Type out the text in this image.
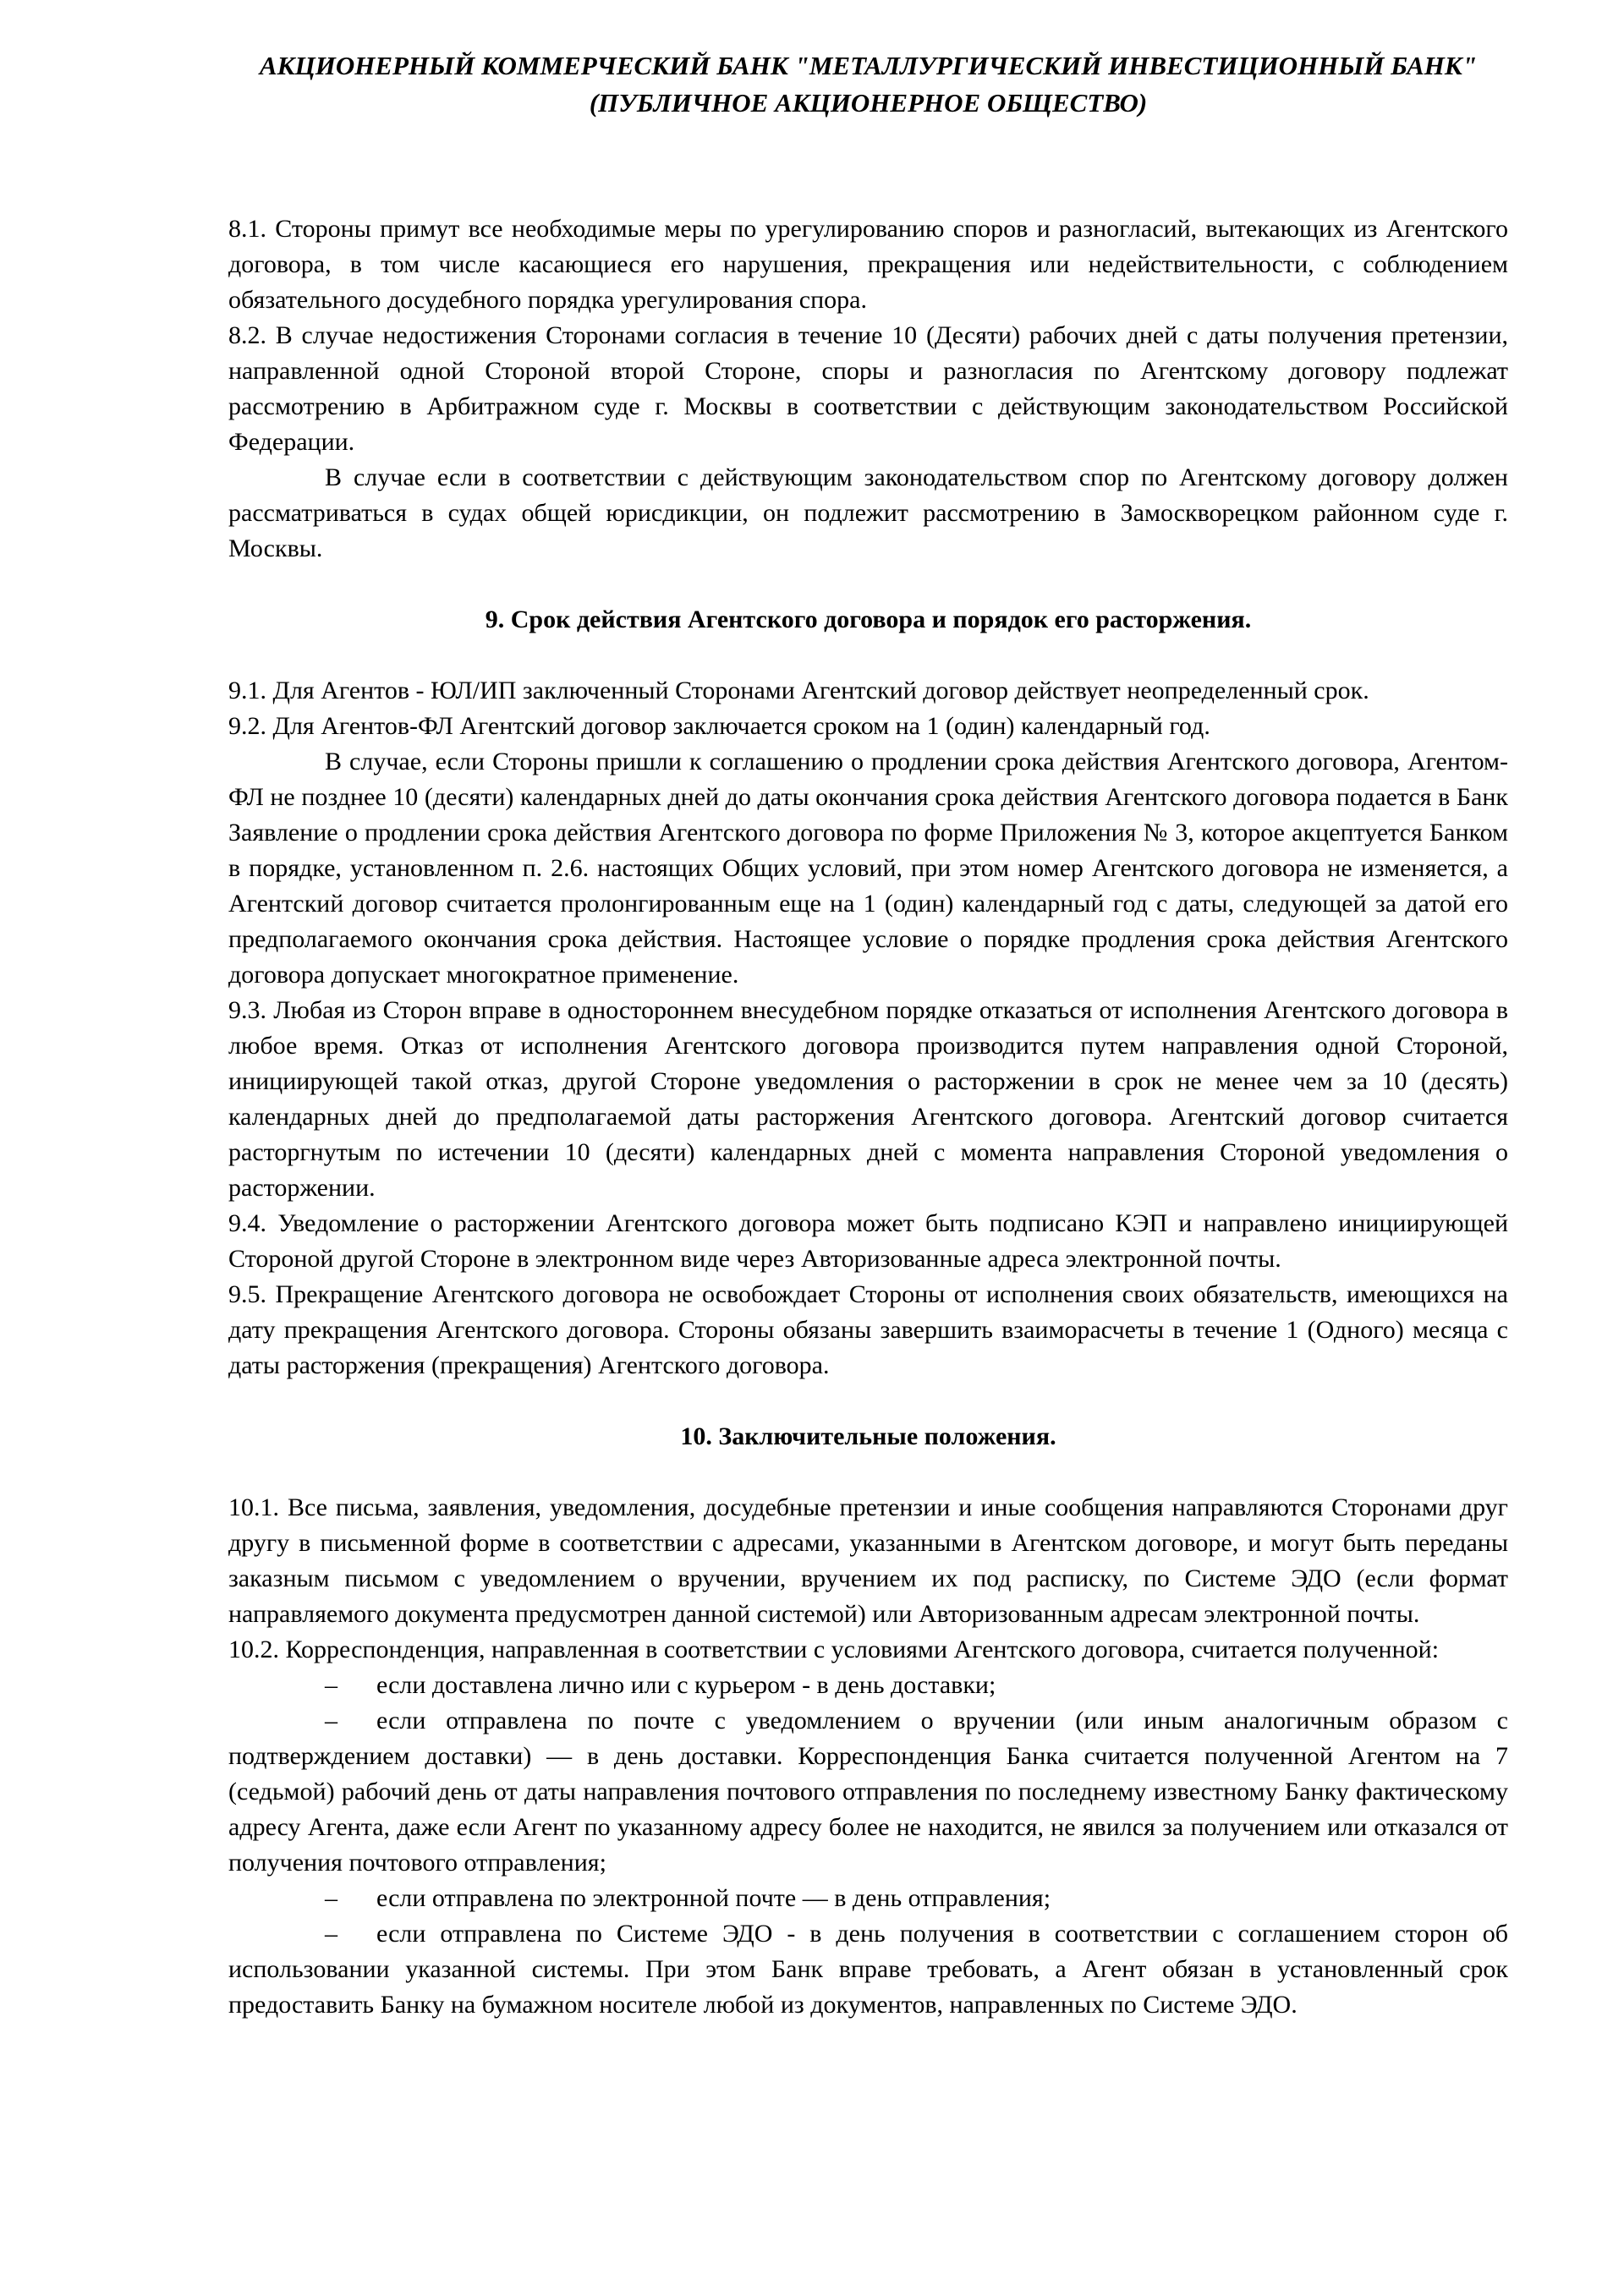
АКЦИОНЕРНЫЙ КОММЕРЧЕСКИЙ БАНК "МЕТАЛЛУРГИЧЕСКИЙ ИНВЕСТИЦИОННЫЙ БАНК"
(ПУБЛИЧНОЕ АКЦИОНЕРНОЕ ОБЩЕСТВО)

8.1. Стороны примут все необходимые меры по урегулированию споров и разногласий, вытекающих из Агентского договора, в том числе касающиеся его нарушения, прекращения или недействительности, с соблюдением обязательного досудебного порядка урегулирования спора.

8.2. В случае недостижения Сторонами согласия в течение 10 (Десяти) рабочих дней с даты получения претензии, направленной одной Стороной второй Стороне, споры и разногласия по Агентскому договору подлежат рассмотрению в Арбитражном суде г. Москвы в соответствии с действующим законодательством Российской Федерации.

В случае если в соответствии с действующим законодательством спор по Агентскому договору должен рассматриваться в судах общей юрисдикции, он подлежит рассмотрению в Замоскворецком районном суде г. Москвы.

9. Срок действия Агентского договора и порядок его расторжения.

9.1. Для Агентов - ЮЛ/ИП заключенный Сторонами Агентский договор действует неопределенный срок.

9.2. Для Агентов-ФЛ Агентский договор заключается сроком на 1 (один) календарный год.

В случае, если Стороны пришли к соглашению о продлении срока действия Агентского договора, Агентом-ФЛ не позднее 10 (десяти) календарных дней до даты окончания срока действия Агентского договора подается в Банк Заявление о продлении срока действия Агентского договора по форме Приложения № 3, которое акцептуется Банком в порядке, установленном п. 2.6. настоящих Общих условий, при этом номер Агентского договора не изменяется, а Агентский договор считается пролонгированным еще на 1 (один) календарный год с даты, следующей за датой его предполагаемого окончания срока действия. Настоящее условие о порядке продления срока действия Агентского договора допускает многократное применение.

9.3. Любая из Сторон вправе в одностороннем внесудебном порядке отказаться от исполнения Агентского договора в любое время. Отказ от исполнения Агентского договора производится путем направления одной Стороной, инициирующей такой отказ, другой Стороне уведомления о расторжении в срок не менее чем за 10 (десять) календарных дней до предполагаемой даты расторжения Агентского договора. Агентский договор считается расторгнутым по истечении 10 (десяти) календарных дней с момента направления Стороной уведомления о расторжении.

9.4. Уведомление о расторжении Агентского договора может быть подписано КЭП и направлено инициирующей Стороной другой Стороне в электронном виде через Авторизованные адреса электронной почты.

9.5. Прекращение Агентского договора не освобождает Стороны от исполнения своих обязательств, имеющихся на дату прекращения Агентского договора. Стороны обязаны завершить взаиморасчеты в течение 1 (Одного) месяца с даты расторжения (прекращения) Агентского договора.

10. Заключительные положения.

10.1. Все письма, заявления, уведомления, досудебные претензии и иные сообщения направляются Сторонами друг другу в письменной форме в соответствии с адресами, указанными в Агентском договоре, и могут быть переданы заказным письмом с уведомлением о вручении, вручением их под расписку, по Системе ЭДО (если формат направляемого документа предусмотрен данной системой) или Авторизованным адресам электронной почты.

10.2. Корреспонденция, направленная в соответствии с условиями Агентского договора, считается полученной:

– если доставлена лично или с курьером - в день доставки;

– если отправлена по почте с уведомлением о вручении (или иным аналогичным образом с подтверждением доставки) — в день доставки. Корреспонденция Банка считается полученной Агентом на 7 (седьмой) рабочий день от даты направления почтового отправления по последнему известному Банку фактическому адресу Агента, даже если Агент по указанному адресу более не находится, не явился за получением или отказался от получения почтового отправления;

– если отправлена по электронной почте — в день отправления;

– если отправлена по Системе ЭДО - в день получения в соответствии с соглашением сторон об использовании указанной системы. При этом Банк вправе требовать, а Агент обязан в установленный срок предоставить Банку на бумажном носителе любой из документов, направленных по Системе ЭДО.
